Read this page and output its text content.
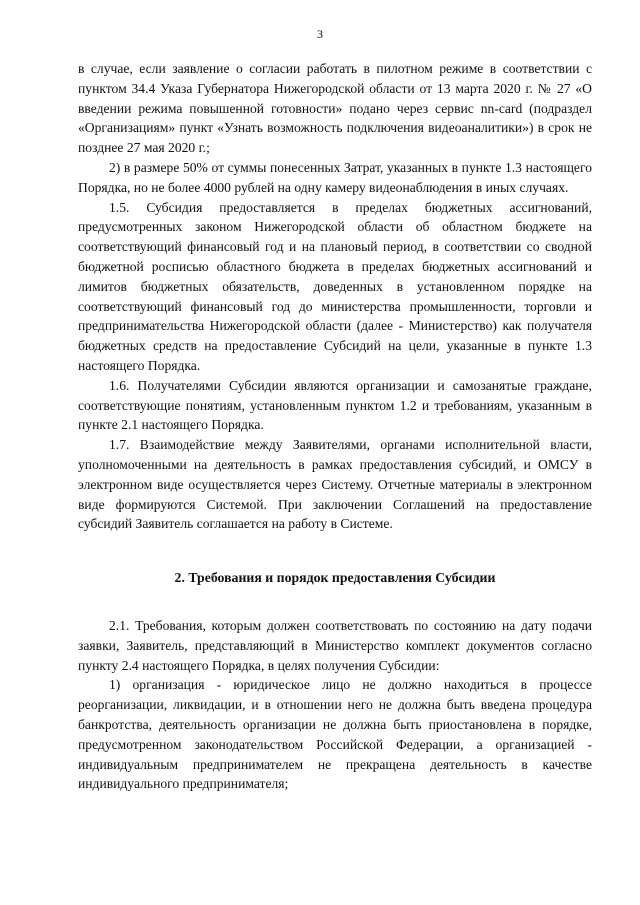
3

в случае, если заявление о согласии работать в пилотном режиме в соответствии с пунктом 34.4 Указа Губернатора Нижегородской области от 13 марта 2020 г. № 27 «О введении режима повышенной готовности» подано через сервис nn-card (подраздел «Организациям» пункт «Узнать возможность подключения видеоаналитики») в срок не позднее 27 мая 2020 г.;

2) в размере 50% от суммы понесенных Затрат, указанных в пункте 1.3 настоящего Порядка, но не более 4000 рублей на одну камеру видеонаблюдения в иных случаях.

1.5. Субсидия предоставляется в пределах бюджетных ассигнований, предусмотренных законом Нижегородской области об областном бюджете на соответствующий финансовый год и на плановый период, в соответствии со сводной бюджетной росписью областного бюджета в пределах бюджетных ассигнований и лимитов бюджетных обязательств, доведенных в установленном порядке на соответствующий финансовый год до министерства промышленности, торговли и предпринимательства Нижегородской области (далее - Министерство) как получателя бюджетных средств на предоставление Субсидий на цели, указанные в пункте 1.3 настоящего Порядка.

1.6. Получателями Субсидии являются организации и самозанятые граждане, соответствующие понятиям, установленным пунктом 1.2 и требованиям, указанным в пункте 2.1 настоящего Порядка.

1.7. Взаимодействие между Заявителями, органами исполнительной власти, уполномоченными на деятельность в рамках предоставления субсидий, и ОМСУ в электронном виде осуществляется через Систему. Отчетные материалы в электронном виде формируются Системой. При заключении Соглашений на предоставление субсидий Заявитель соглашается на работу в Системе.

2. Требования и порядок предоставления Субсидии

2.1. Требования, которым должен соответствовать по состоянию на дату подачи заявки, Заявитель, представляющий в Министерство комплект документов согласно пункту 2.4 настоящего Порядка, в целях получения Субсидии:

1) организация - юридическое лицо не должно находиться в процессе реорганизации, ликвидации, и в отношении него не должна быть введена процедура банкротства, деятельность организации не должна быть приостановлена в порядке, предусмотренном законодательством Российской Федерации, а организацией - индивидуальным предпринимателем не прекращена деятельность в качестве индивидуального предпринимателя;
